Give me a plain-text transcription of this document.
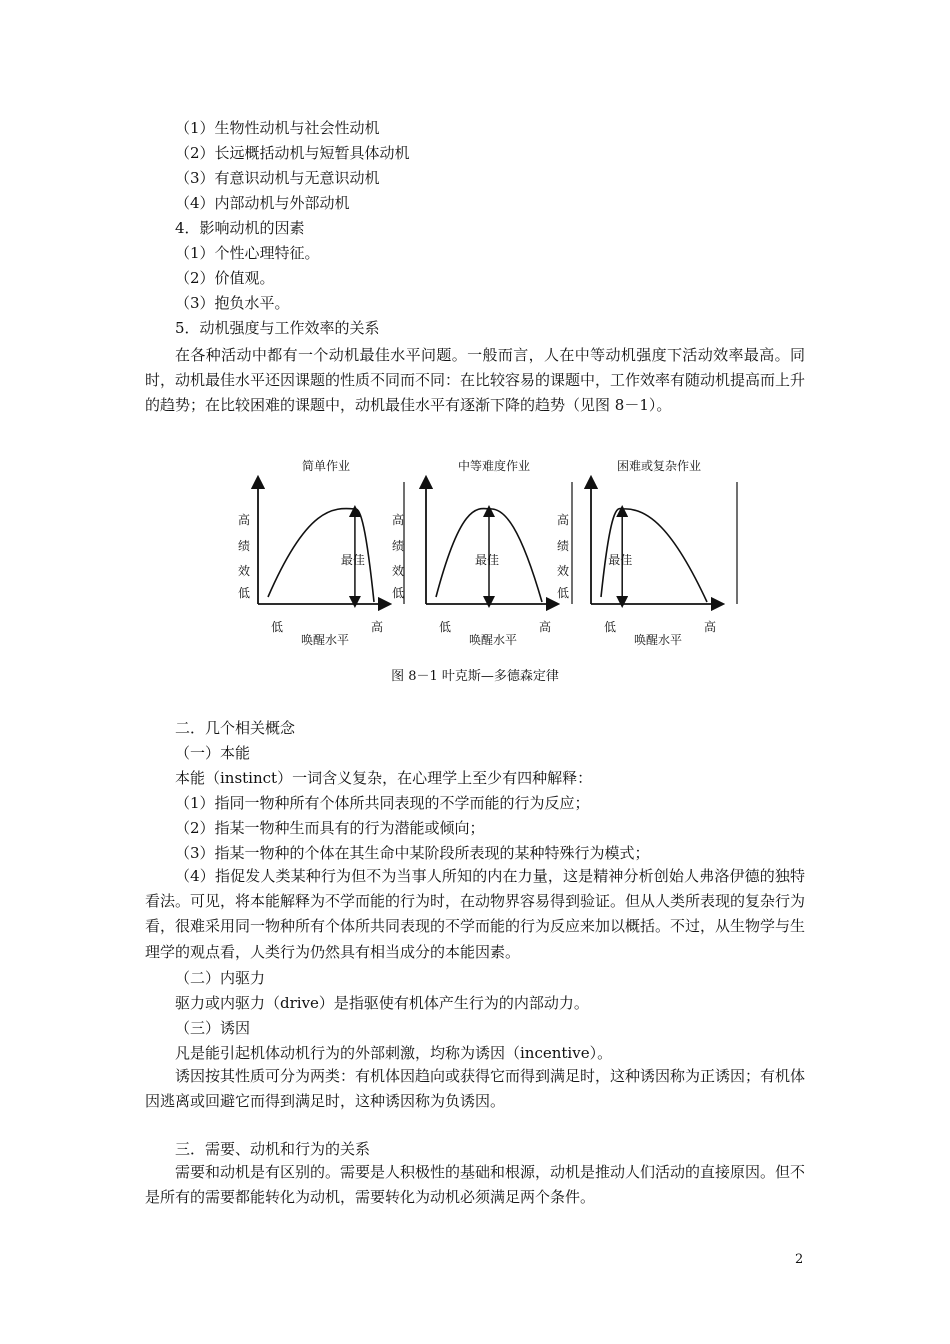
（1）生物性动机与社会性动机
（2）长远概括动机与短暂具体动机
（3）有意识动机与无意识动机
（4）内部动机与外部动机
4．影响动机的因素
（1）个性心理特征。
（2）价值观。
（3）抱负水平。
5．动机强度与工作效率的关系
在各种活动中都有一个动机最佳水平问题。一般而言，人在中等动机强度下活动效率最高。同时，动机最佳水平还因课题的性质不同而不同：在比较容易的课题中，工作效率有随动机提高而上升的趋势；在比较困难的课题中，动机最佳水平有逐渐下降的趋势（见图 8－1）。
简单作业
高
绩
效
低
低	高
唤醒水平
最佳
中等难度作业
高
绩
效
低
低	高
唤醒水平
最佳
困难或复杂作业
高
绩
效
低
低	高
唤醒水平
最佳
图 8－1 叶克斯—多德森定律
二．几个相关概念
（一）本能
本能（instinct）一词含义复杂，在心理学上至少有四种解释：
（1）指同一物种所有个体所共同表现的不学而能的行为反应；
（2）指某一物种生而具有的行为潜能或倾向；
（3）指某一物种的个体在其生命中某阶段所表现的某种特殊行为模式；
（4）指促发人类某种行为但不为当事人所知的内在力量，这是精神分析创始人弗洛伊德的独特看法。可见，将本能解释为不学而能的行为时，在动物界容易得到验证。但从人类所表现的复杂行为看，很难采用同一物种所有个体所共同表现的不学而能的行为反应来加以概括。不过，从生物学与生理学的观点看，人类行为仍然具有相当成分的本能因素。
（二）内驱力
驱力或内驱力（drive）是指驱使有机体产生行为的内部动力。
（三）诱因
凡是能引起机体动机行为的外部刺激，均称为诱因（incentive）。
诱因按其性质可分为两类：有机体因趋向或获得它而得到满足时，这种诱因称为正诱因；有机体因逃离或回避它而得到满足时，这种诱因称为负诱因。
三．需要、动机和行为的关系
需要和动机是有区别的。需要是人积极性的基础和根源，动机是推动人们活动的直接原因。但不是所有的需要都能转化为动机，需要转化为动机必须满足两个条件。
2
